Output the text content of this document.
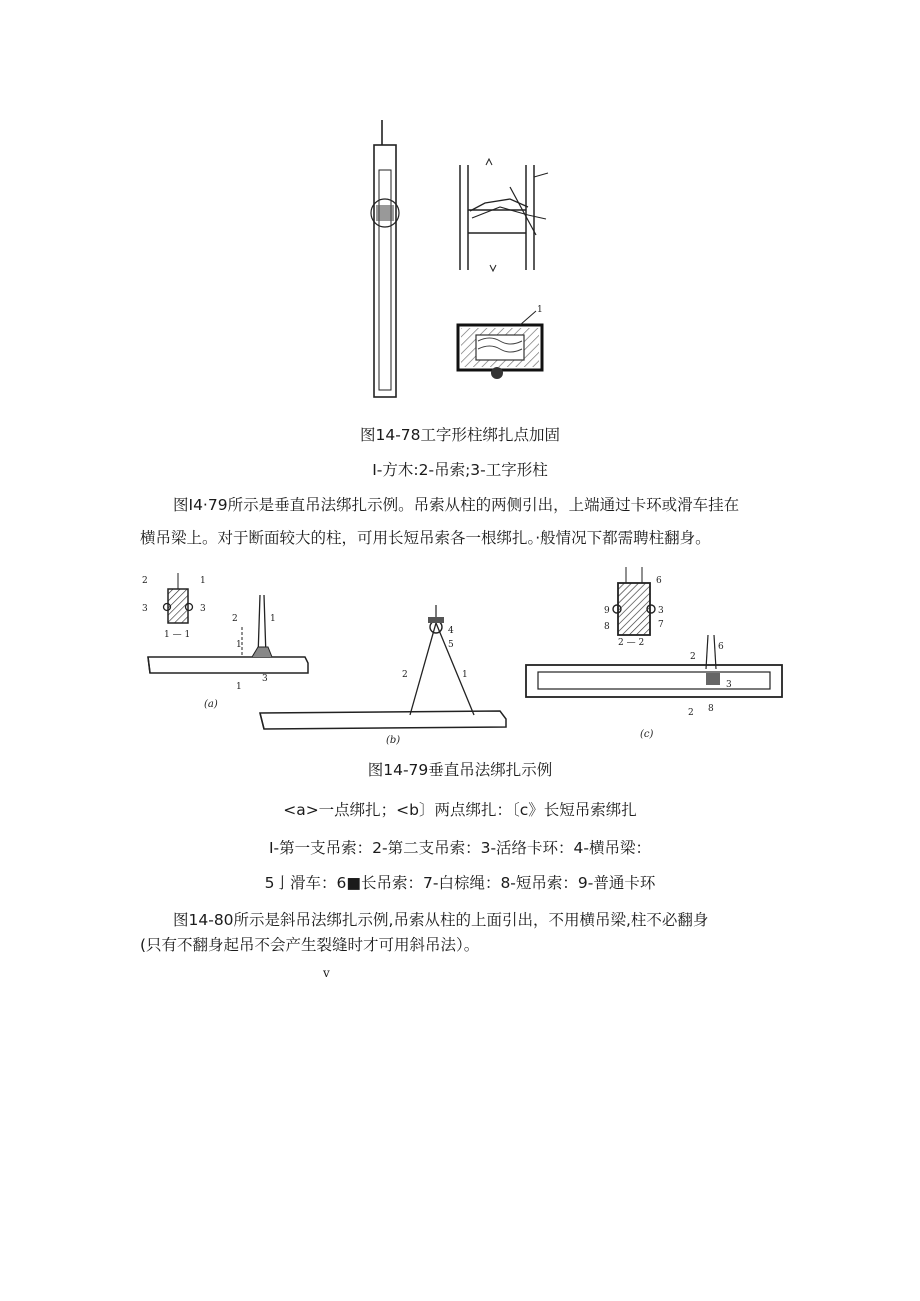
1
图14-78工字形柱绑扎点加固
I-方木:2-吊索;3-工字形柱
图I4·79所示是垂直吊法绑扎示例。吊索从柱的两侧引出，上端通过卡环或滑车挂在
横吊梁上。对于断面较大的柱，可用长短吊索各一根绑扎。·般情况下都需聘柱翻身。
2	1
3	3
1 — 1
2	1
1
3
1
(a)
4
5
2	1
(b)
6
9	3
8	7
2 — 2	6
2
3
8
2
(c)
图14-79垂直吊法绑扎示例
<a>一点绑扎；<b〕两点绑扎：〔c》长短吊索绑扎
I-第一支吊索：2-第二支吊索：3-活络卡环：4-横吊梁：
5亅滑车：6■长吊索：7-白棕绳：8-短吊索：9-普通卡环
图14-80所示是斜吊法绑扎示例,吊索从柱的上面引出，不用横吊梁,柱不必翻身
(只有不翻身起吊不会产生裂缝时才可用斜吊法）。
v
